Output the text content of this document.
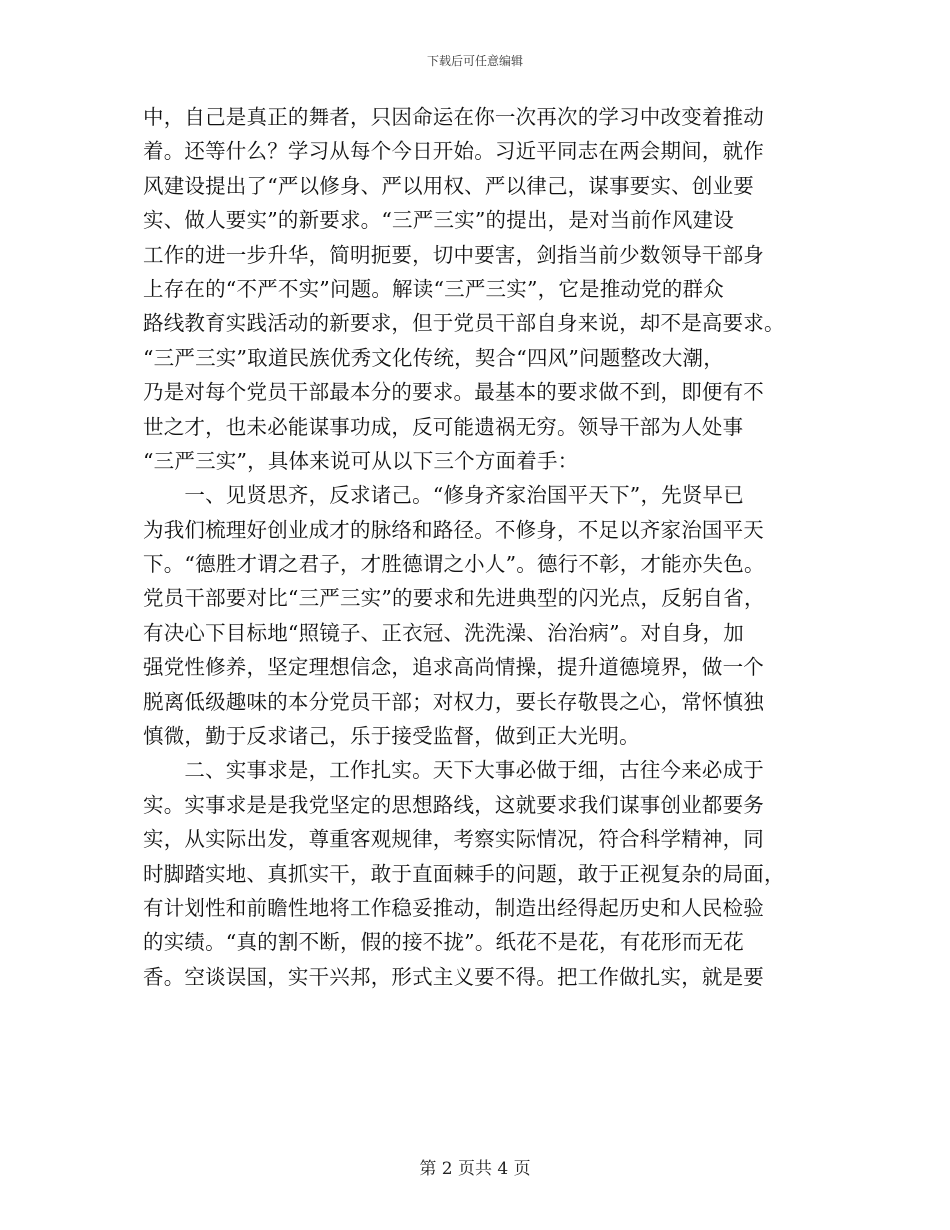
下载后可任意编辑
中，自己是真正的舞者，只因命运在你一次再次的学习中改变着推动
着。还等什么？学习从每个今日开始。习近平同志在两会期间，就作
风建设提出了“严以修身、严以用权、严以律己，谋事要实、创业要
实、做人要实”的新要求。“三严三实”的提出，是对当前作风建设
工作的进一步升华，简明扼要，切中要害，剑指当前少数领导干部身
上存在的“不严不实”问题。解读“三严三实”，它是推动党的群众
路线教育实践活动的新要求，但于党员干部自身来说，却不是高要求。
“三严三实”取道民族优秀文化传统，契合“四风”问题整改大潮，
乃是对每个党员干部最本分的要求。最基本的要求做不到，即便有不
世之才，也未必能谋事功成，反可能遗祸无穷。领导干部为人处事
“三严三实”，具体来说可从以下三个方面着手：
　　一、见贤思齐，反求诸己。“修身齐家治国平天下”，先贤早已
为我们梳理好创业成才的脉络和路径。不修身，不足以齐家治国平天
下。“德胜才谓之君子，才胜德谓之小人”。德行不彰，才能亦失色。
党员干部要对比“三严三实”的要求和先进典型的闪光点，反躬自省，
有决心下目标地“照镜子、正衣冠、洗洗澡、治治病”。对自身，加
强党性修养，坚定理想信念，追求高尚情操，提升道德境界，做一个
脱离低级趣味的本分党员干部；对权力，要长存敬畏之心，常怀慎独
慎微，勤于反求诸己，乐于接受监督，做到正大光明。
　　二、实事求是，工作扎实。天下大事必做于细，古往今来必成于
实。实事求是是我党坚定的思想路线，这就要求我们谋事创业都要务
实，从实际出发，尊重客观规律，考察实际情况，符合科学精神，同
时脚踏实地、真抓实干，敢于直面棘手的问题，敢于正视复杂的局面，
有计划性和前瞻性地将工作稳妥推动，制造出经得起历史和人民检验
的实绩。“真的割不断，假的接不拢”。纸花不是花，有花形而无花
香。空谈误国，实干兴邦，形式主义要不得。把工作做扎实，就是要
第 2 页共 4 页
